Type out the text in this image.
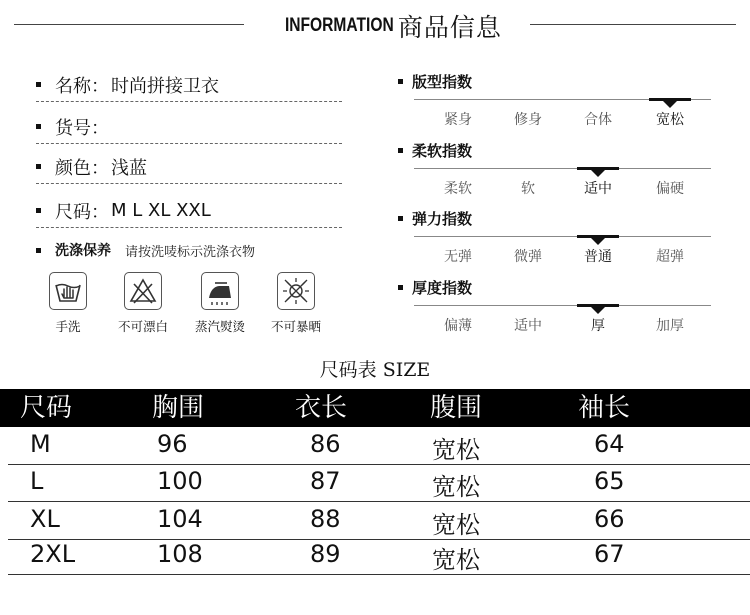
INFORMATION 商品信息
名称： 时尚拼接卫衣
货号：
颜色： 浅蓝
尺码： M L XL XXL
洗涤保养 请按洗唛标示洗涤衣物
手洗	不可漂白	蒸汽熨烫	不可暴晒
版型指数
紧身	修身	合体	宽松
柔软指数
柔软	软	适中	偏硬
弹力指数
无弹	微弹	普通	超弹
厚度指数
偏薄	适中	厚	加厚
尺码表 SIZE
尺码	胸围	衣长	腹围	袖长
M	96	86	宽松	64
L	100	87	宽松	65
XL	104	88	宽松	66
2XL	108	89	宽松	67
